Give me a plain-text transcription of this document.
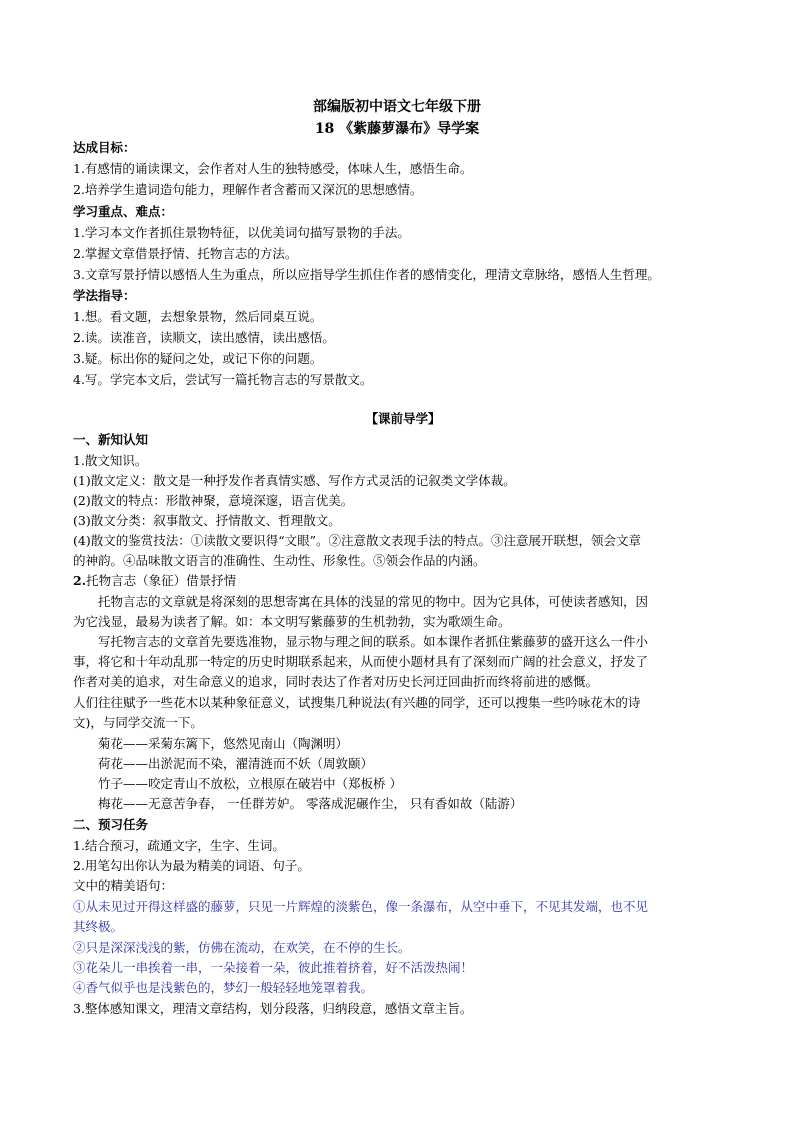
部编版初中语文七年级下册
18 《紫藤萝瀑布》导学案
达成目标：
1.有感情的诵读课文，会作者对人生的独特感受，体味人生，感悟生命。
2.培养学生遣词造句能力，理解作者含蓄而又深沉的思想感情。
学习重点、难点：
1.学习本文作者抓住景物特征，以优美词句描写景物的手法。
2.掌握文章借景抒情、托物言志的方法。
3.文章写景抒情以感悟人生为重点，所以应指导学生抓住作者的感情变化，理清文章脉络，感悟人生哲理。
学法指导：
1.想。看文题，去想象景物，然后同桌互说。
2.读。读准音，读顺文，读出感情，读出感悟。
3.疑。标出你的疑问之处，或记下你的问题。
4.写。学完本文后，尝试写一篇托物言志的写景散文。
【课前导学】
一、新知认知
1.散文知识。
(1)散文定义：散文是一种抒发作者真情实感、写作方式灵活的记叙类文学体裁。
(2)散文的特点：形散神聚，意境深邃，语言优美。
(3)散文分类：叙事散文、抒情散文、哲理散文。
(4)散文的鉴赏技法：①读散文要识得“文眼”。②注意散文表现手法的特点。③注意展开联想，领会文章
的神韵。④品味散文语言的准确性、生动性、形象性。⑤领会作品的内涵。
2.托物言志（象征）借景抒情
托物言志的文章就是将深刻的思想寄寓在具体的浅显的常见的物中。因为它具体，可使读者感知，因
为它浅显，最易为读者了解。如：本文明写紫藤萝的生机勃勃，实为歌颂生命。
写托物言志的文章首先要选准物，显示物与理之间的联系。如本课作者抓住紫藤萝的盛开这么一件小
事，将它和十年动乱那一特定的历史时期联系起来，从而使小题材具有了深刻而广阔的社会意义，抒发了
作者对美的追求，对生命意义的追求，同时表达了作者对历史长河迂回曲折而终将前进的感慨。
人们往往赋予一些花木以某种象征意义，试搜集几种说法(有兴趣的同学，还可以搜集一些吟咏花木的诗
文)，与同学交流一下。
菊花——采菊东篱下，悠然见南山（陶渊明）
荷花——出淤泥而不染，濯清涟而不妖（周敦颐）
竹子——咬定青山不放松，立根原在破岩中（郑板桥 ）
梅花——无意苦争春， 一任群芳妒。 零落成泥碾作尘， 只有香如故（陆游）
二、预习任务
1.结合预习，疏通文字，生字、生词。
2.用笔勾出你认为最为精美的词语、句子。
文中的精美语句：
①从未见过开得这样盛的藤萝，只见一片辉煌的淡紫色，像一条瀑布，从空中垂下，不见其发端，也不见
其终极。
②只是深深浅浅的紫，仿佛在流动，在欢笑，在不停的生长。
③花朵儿一串挨着一串，一朵接着一朵，彼此推着挤着，好不活泼热闹！
④香气似乎也是浅紫色的，梦幻一般轻轻地笼罩着我。
3.整体感知课文，理清文章结构，划分段落，归纳段意，感悟文章主旨。
